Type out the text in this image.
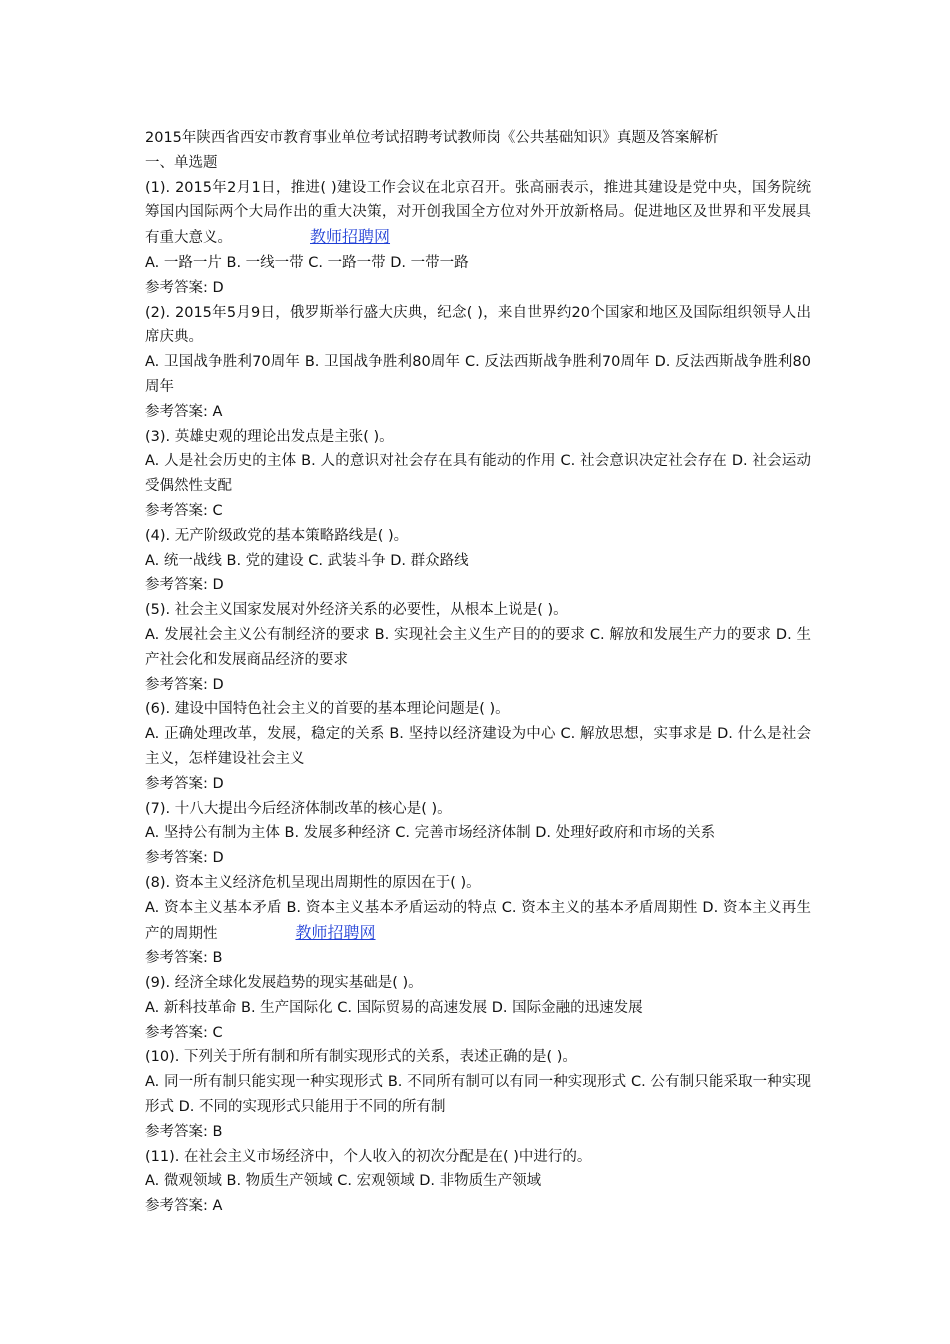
2015年陕西省西安市教育事业单位考试招聘考试教师岗《公共基础知识》真题及答案解析

一、单选题

(1). 2015年2月1日，推进( )建设工作会议在北京召开。张高丽表示，推进其建设是党中央，国务院统筹国内国际两个大局作出的重大决策，对开创我国全方位对外开放新格局。促进地区及世界和平发展具有重大意义。	教师招聘网

A. 一路一片 B. 一线一带 C. 一路一带 D. 一带一路

参考答案: D

(2). 2015年5月9日，俄罗斯举行盛大庆典，纪念( )，来自世界约20个国家和地区及国际组织领导人出席庆典。

A. 卫国战争胜利70周年 B. 卫国战争胜利80周年 C. 反法西斯战争胜利70周年 D. 反法西斯战争胜利80周年

参考答案: A

(3). 英雄史观的理论出发点是主张( )。

A. 人是社会历史的主体 B. 人的意识对社会存在具有能动的作用 C. 社会意识决定社会存在 D. 社会运动受偶然性支配

参考答案: C

(4). 无产阶级政党的基本策略路线是( )。

A. 统一战线 B. 党的建设 C. 武装斗争 D. 群众路线

参考答案: D

(5). 社会主义国家发展对外经济关系的必要性，从根本上说是( )。

A. 发展社会主义公有制经济的要求 B. 实现社会主义生产目的的要求 C. 解放和发展生产力的要求 D. 生产社会化和发展商品经济的要求

参考答案: D

(6). 建设中国特色社会主义的首要的基本理论问题是( )。

A. 正确处理改革，发展，稳定的关系 B. 坚持以经济建设为中心 C. 解放思想，实事求是 D. 什么是社会主义，怎样建设社会主义

参考答案: D

(7). 十八大提出今后经济体制改革的核心是( )。

A. 坚持公有制为主体 B. 发展多种经济 C. 完善市场经济体制 D. 处理好政府和市场的关系

参考答案: D

(8). 资本主义经济危机呈现出周期性的原因在于( )。

A. 资本主义基本矛盾 B. 资本主义基本矛盾运动的特点 C. 资本主义的基本矛盾周期性 D. 资本主义再生产的周期性	教师招聘网

参考答案: B

(9). 经济全球化发展趋势的现实基础是( )。

A. 新科技革命 B. 生产国际化 C. 国际贸易的高速发展 D. 国际金融的迅速发展

参考答案: C

(10). 下列关于所有制和所有制实现形式的关系，表述正确的是( )。

A. 同一所有制只能实现一种实现形式 B. 不同所有制可以有同一种实现形式 C. 公有制只能采取一种实现形式 D. 不同的实现形式只能用于不同的所有制

参考答案: B

(11). 在社会主义市场经济中，个人收入的初次分配是在( )中进行的。

A. 微观领域 B. 物质生产领域 C. 宏观领域 D. 非物质生产领域

参考答案: A
